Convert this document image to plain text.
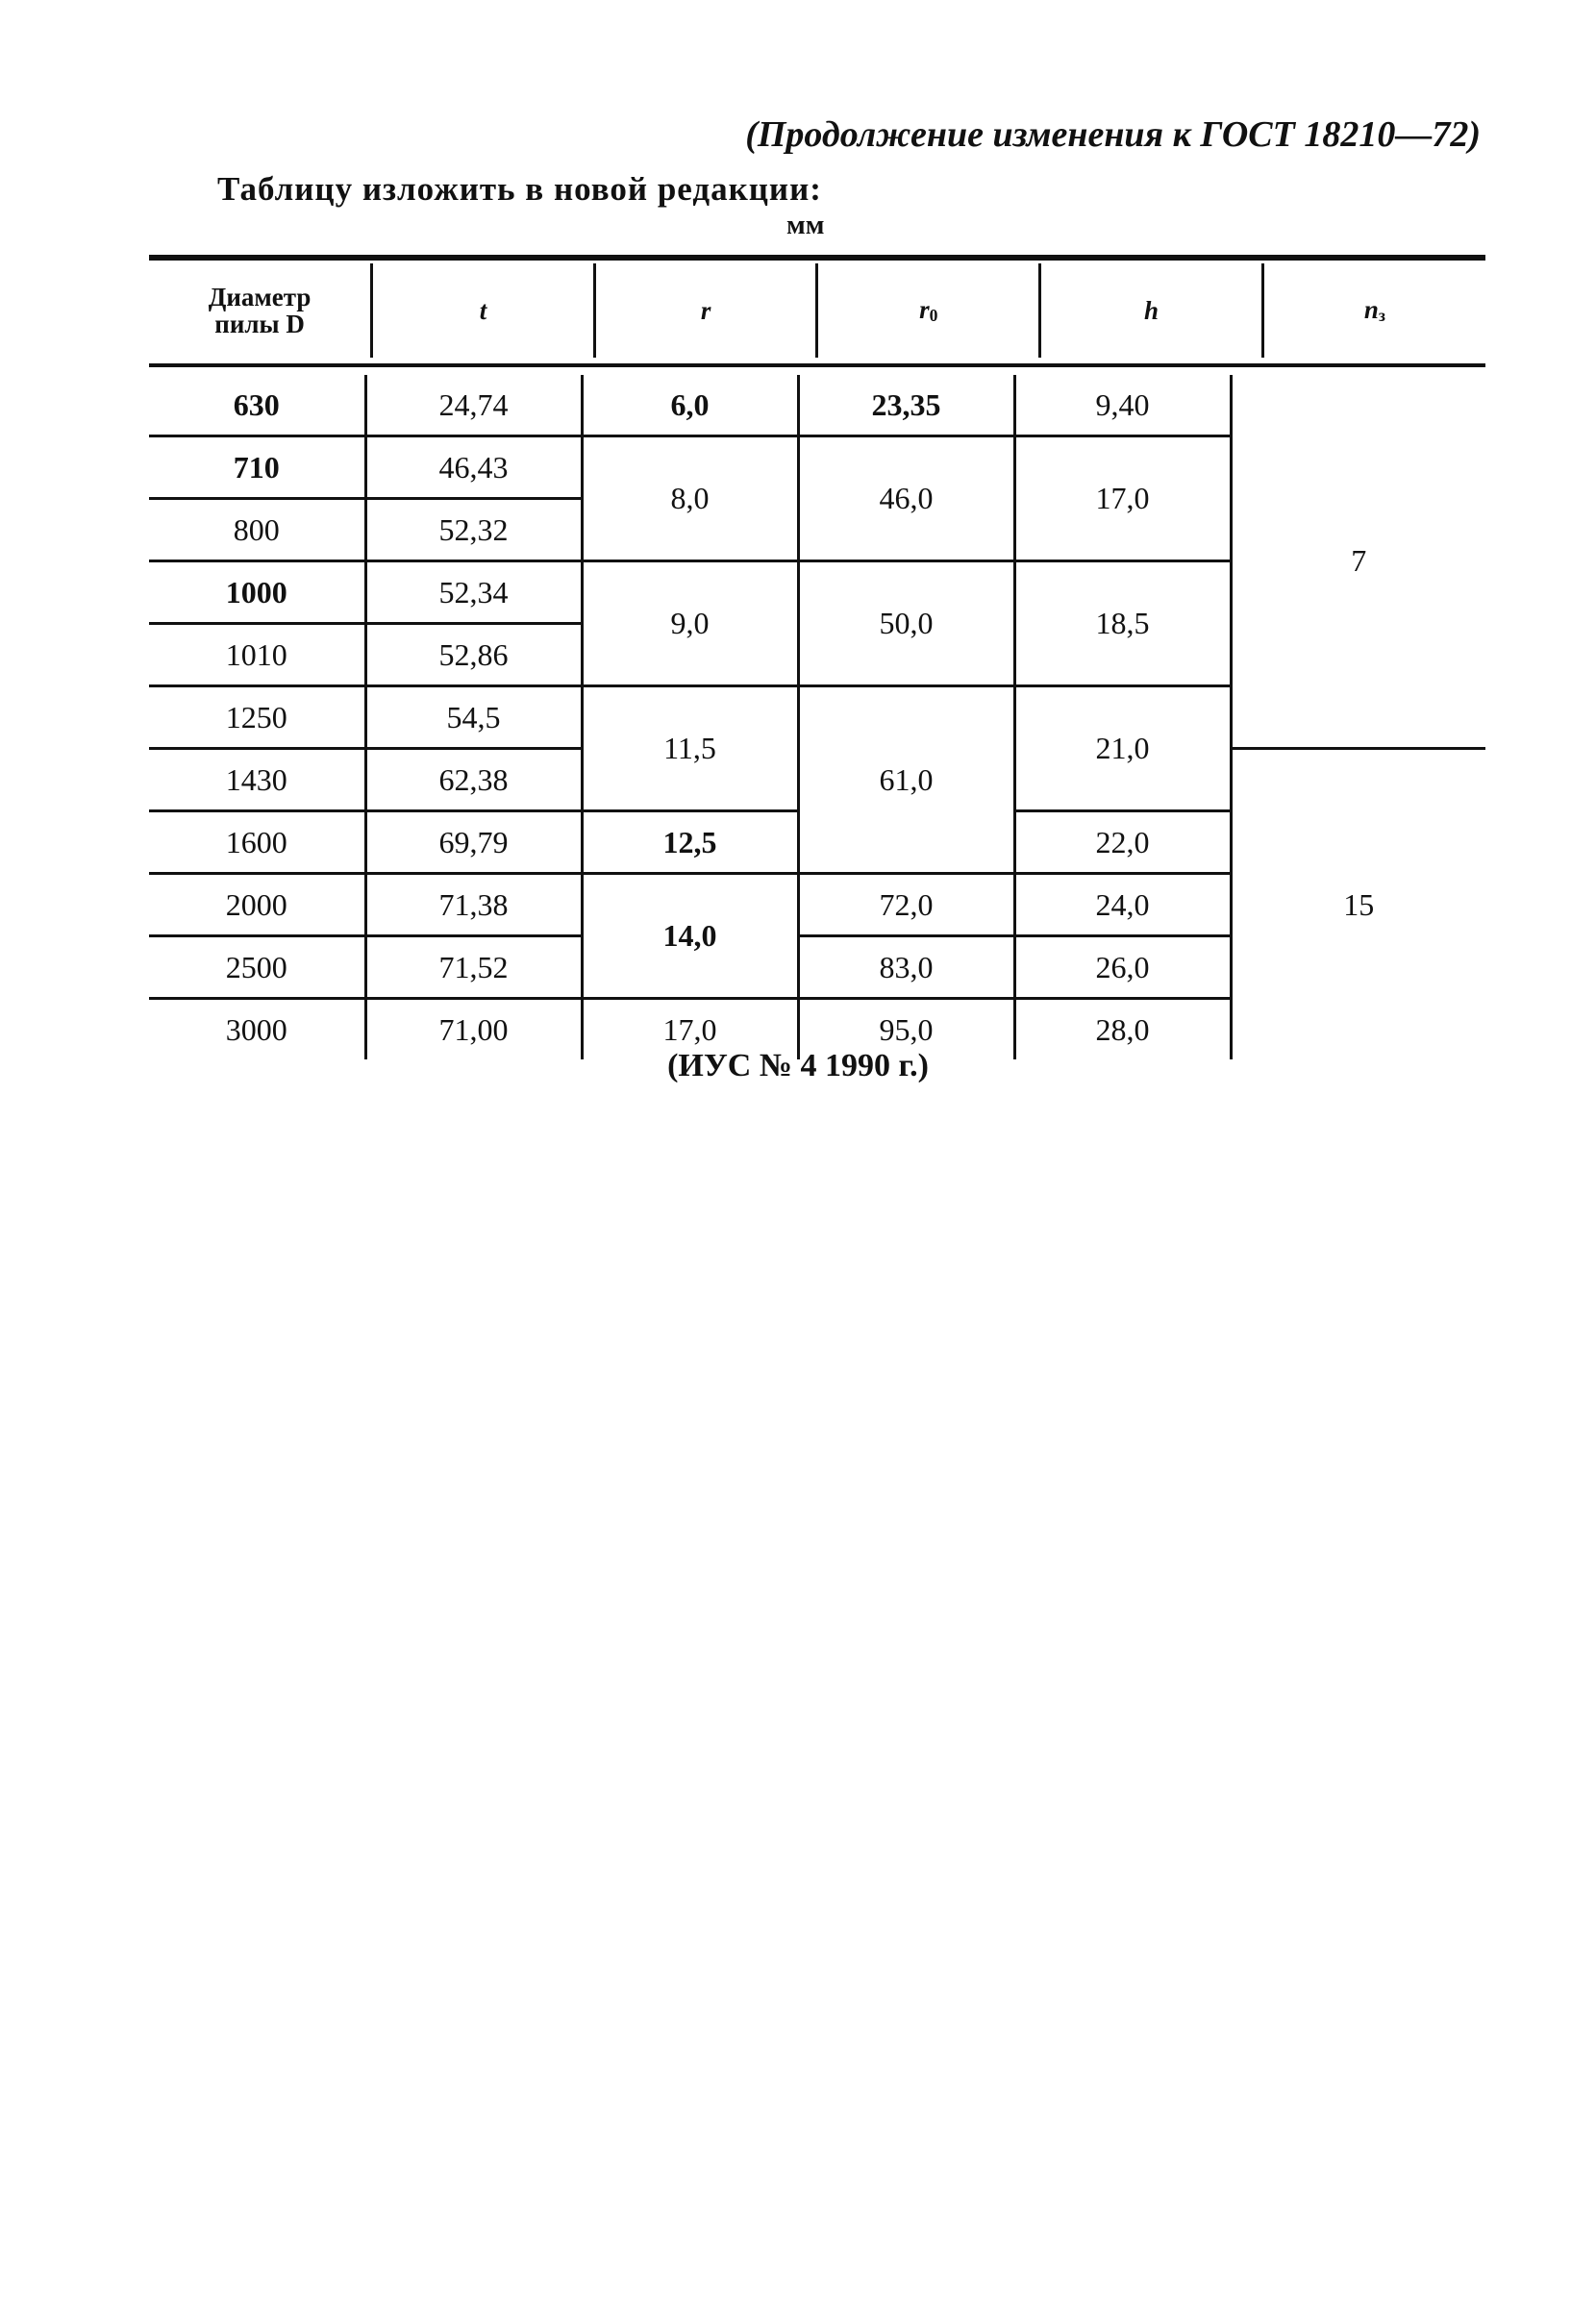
(Продолжение изменения к ГОСТ 18210—72)
Таблицу изложить в новой редакции:
мм
Диаметр
пилы D	t	r	$r_0$	h	$n_з$
630	24,74	6,0	23,35	9,40	7
710	46,43	8,0	46,0	17,0	
800	52,32				
1000	52,34	9,0	50,0	18,5	
1010	52,86				
1250	54,5	11,5	61,0	21,0	
1430	62,38				15
1600	69,79	12,5		22,0	
2000	71,38	14,0	72,0	24,0	
2500	71,52		83,0	26,0	
3000	71,00	17,0	95,0	28,0	
(ИУС № 4 1990 г.)
